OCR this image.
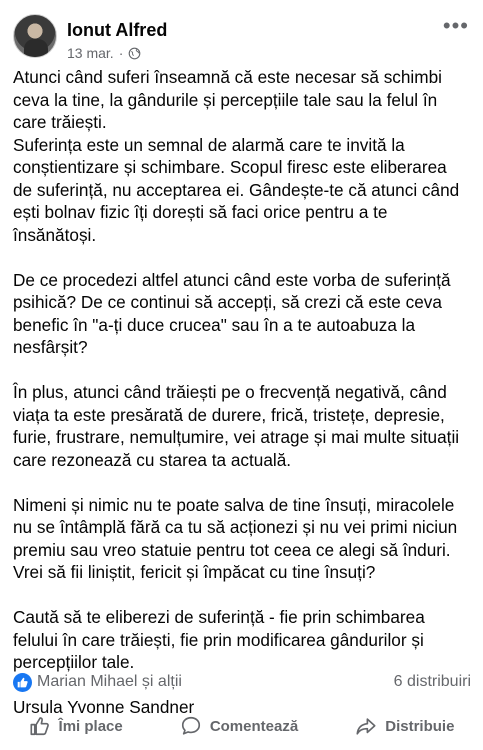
Ionut Alfred
13 mar. ·
•••

Atunci când suferi înseamnă că este necesar să schimbi

ceva la tine, la gândurile și percepțiile tale sau la felul în

care trăiești.

Suferința este un semnal de alarmă care te invită la

conștientizare și schimbare. Scopul firesc este eliberarea

de suferință, nu acceptarea ei. Gândește-te că atunci când

ești bolnav fizic îți dorești să faci orice pentru a te

însănătoși.

De ce procedezi altfel atunci când este vorba de suferință

psihică? De ce continui să accepți, să crezi că este ceva

benefic în "a-ți duce crucea" sau în a te autoabuza la

nesfârșit?

În plus, atunci când trăiești pe o frecvență negativă, când

viața ta este presărată de durere, frică, tristețe, depresie,

furie, frustrare, nemulțumire, vei atrage și mai multe situații

care rezonează cu starea ta actuală.

Nimeni și nimic nu te poate salva de tine însuți, miracolele

nu se întâmplă fără ca tu să acționezi și nu vei primi niciun

premiu sau vreo statuie pentru tot ceea ce alegi să înduri.

Vrei să fii liniștit, fericit și împăcat cu tine însuți?

Caută să te eliberezi de suferință - fie prin schimbarea

felului în care trăiești, fie prin modificarea gândurilor și

percepțiilor tale.

Ursula Yvonne Sandner

Marian Mihael și alții	6 distribuiri
Îmi place	Comentează	Distribuie
